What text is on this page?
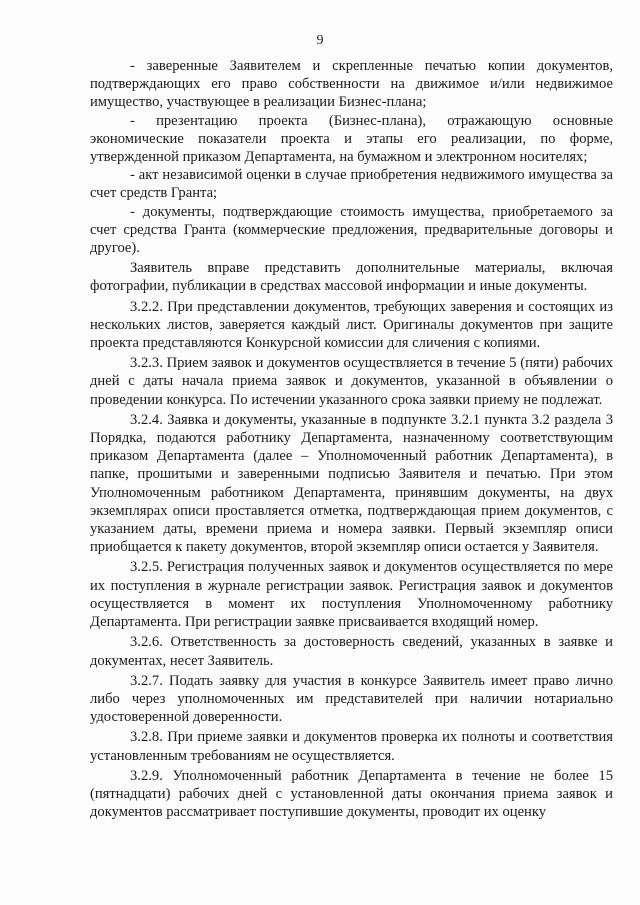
9

- заверенные Заявителем и скрепленные печатью копии документов, подтверждающих его право собственности на движимое и/или недвижимое имущество, участвующее в реализации Бизнес-плана;

- презентацию проекта (Бизнес-плана), отражающую основные экономические показатели проекта и этапы его реализации, по форме, утвержденной приказом Департамента, на бумажном и электронном носителях;

- акт независимой оценки в случае приобретения недвижимого имущества за счет средств Гранта;

- документы, подтверждающие стоимость имущества, приобретаемого за счет средства Гранта (коммерческие предложения, предварительные договоры и другое).

Заявитель вправе представить дополнительные материалы, включая фотографии, публикации в средствах массовой информации и иные документы.

3.2.2. При представлении документов, требующих заверения и состоящих из нескольких листов, заверяется каждый лист. Оригиналы документов при защите проекта представляются Конкурсной комиссии для сличения с копиями.

3.2.3. Прием заявок и документов осуществляется в течение 5 (пяти) рабочих дней с даты начала приема заявок и документов, указанной в объявлении о проведении конкурса. По истечении указанного срока заявки приему не подлежат.

3.2.4. Заявка и документы, указанные в подпункте 3.2.1 пункта 3.2 раздела 3 Порядка, подаются работнику Департамента, назначенному соответствующим приказом Департамента (далее – Уполномоченный работник Департамента), в папке, прошитыми и заверенными подписью Заявителя и печатью. При этом Уполномоченным работником Департамента, принявшим документы, на двух экземплярах описи проставляется отметка, подтверждающая прием документов, с указанием даты, времени приема и номера заявки. Первый экземпляр описи приобщается к пакету документов, второй экземпляр описи остается у Заявителя.

3.2.5. Регистрация полученных заявок и документов осуществляется по мере их поступления в журнале регистрации заявок. Регистрация заявок и документов осуществляется в момент их поступления Уполномоченному работнику Департамента. При регистрации заявке присваивается входящий номер.

3.2.6. Ответственность за достоверность сведений, указанных в заявке и документах, несет Заявитель.

3.2.7. Подать заявку для участия в конкурсе Заявитель имеет право лично либо через уполномоченных им представителей при наличии нотариально удостоверенной доверенности.

3.2.8. При приеме заявки и документов проверка их полноты и соответствия установленным требованиям не осуществляется.

3.2.9. Уполномоченный работник Департамента в течение не более 15 (пятнадцати) рабочих дней с установленной даты окончания приема заявок и документов рассматривает поступившие документы, проводит их оценку
